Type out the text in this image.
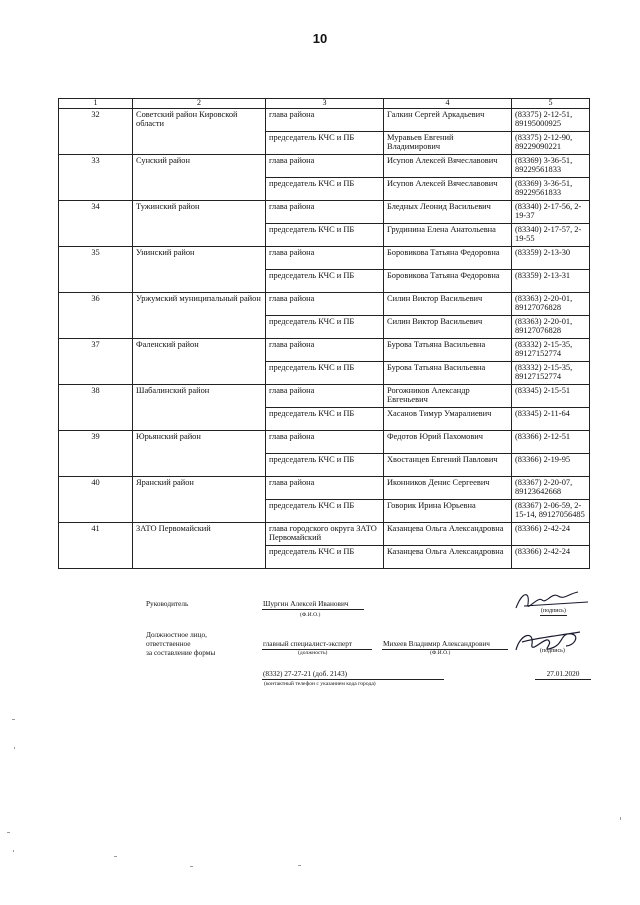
10
1	2	3	4	5
32	Советский район Кировской области	глава района	Галкин Сергей Аркадьевич	(83375) 2-12-51, 89195000925
		председатель КЧС и ПБ	Муравьев Евгений Владимирович	(83375) 2-12-90, 89229090221
33	Сунский район	глава района	Исупов Алексей Вячеславович	(83369) 3-36-51, 89229561833
		председатель КЧС и ПБ	Исупов Алексей Вячеславович	(83369) 3-36-51, 89229561833
34	Тужинский район	глава района	Бледных Леонид Васильевич	(83340) 2-17-56, 2-19-37
		председатель КЧС и ПБ	Грудинина Елена Анатольевна	(83340) 2-17-57, 2-19-55
35	Унинский район	глава района	Боровикова Татьяна Федоровна	(83359) 2-13-30
		председатель КЧС и ПБ	Боровикова Татьяна Федоровна	(83359) 2-13-31
36	Уржумский муниципальный район	глава района	Силин Виктор Васильевич	(83363) 2-20-01, 89127076828
		председатель КЧС и ПБ	Силин Виктор Васильевич	(83363) 2-20-01, 89127076828
37	Фаленский район	глава района	Бурова Татьяна Васильевна	(83332) 2-15-35, 89127152774
		председатель КЧС и ПБ	Бурова Татьяна Васильевна	(83332) 2-15-35, 89127152774
38	Шабалинский район	глава района	Рогожников Александр Евгеньевич	(83345) 2-15-51
		председатель КЧС и ПБ	Хасанов Тимур Умаралиевич	(83345) 2-11-64
39	Юрьянский район	глава района	Федотов Юрий Пахомович	(83366) 2-12-51
		председатель КЧС и ПБ	Хвостанцев Евгений Павлович	(83366) 2-19-95
40	Яранский район	глава района	Иконников Денис Сергеевич	(83367) 2-20-07, 89123642668
		председатель КЧС и ПБ	Говорик Ирина Юрьевна	(83367) 2-06-59, 2-15-14, 89127056485
41	ЗАТО Первомайский	глава городского округа ЗАТО Первомайский	Казанцева Ольга Александровна	(83366) 2-42-24
		председатель КЧС и ПБ	Казанцева Ольга Александровна	(83366) 2-42-24
Руководитель	Шургин Алексей Иванович
(Ф.И.О.)
(подпись)
Должностное лицо,
ответственное
за составление формы
главный специалист-эксперт
(должность)
Михеев Владимир Александрович
(Ф.И.О.)	(подпись)
(8332) 27-27-21 (доб. 2143)
(контактный телефон с указанием кода города)
27.01.2020
